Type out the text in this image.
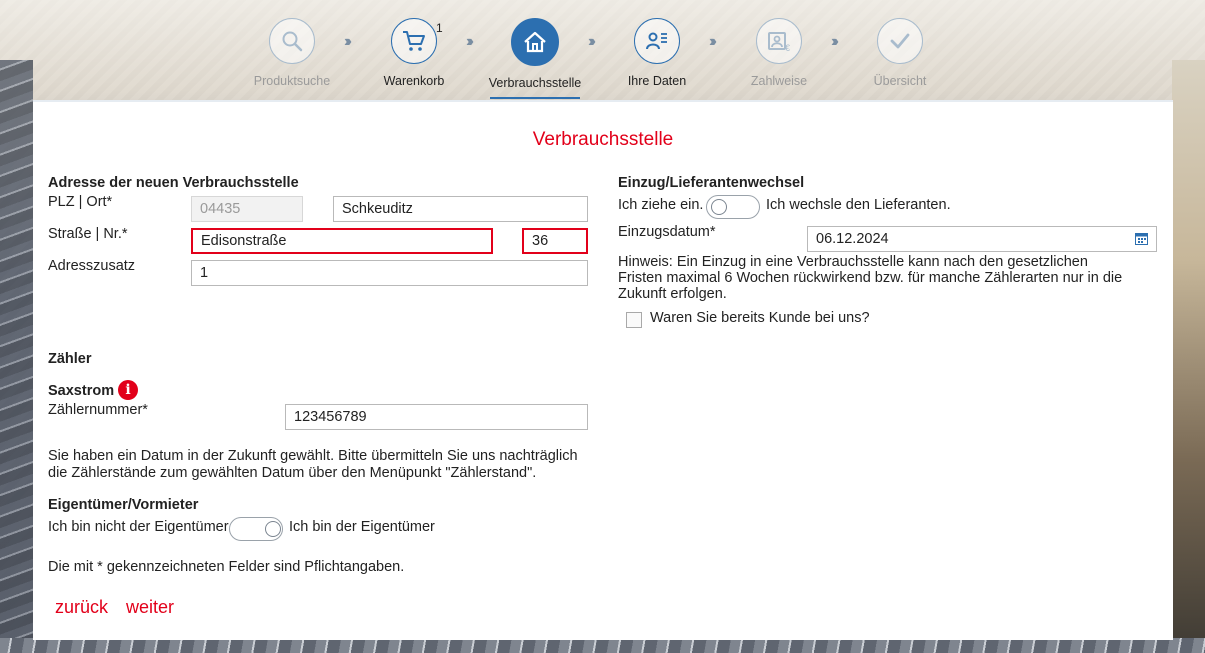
Produktsuche
›››
1
Warenkorb
›››
Verbrauchsstelle
›››
Ihre Daten
›››	€
Zahlweise
›››
Übersicht
Verbrauchsstelle
Adresse der neuen Verbrauchsstelle
PLZ | Ort*	04435	Schkeuditz
Straße | Nr.*	Edisonstraße	36
Adresszusatz	1
Zähler
Saxstrom i
Zählernummer*	123456789
Sie haben ein Datum in der Zukunft gewählt. Bitte übermitteln Sie uns nachträglich die Zählerstände zum gewählten Datum über den Menüpunkt "Zählerstand".
Eigentümer/Vormieter
Ich bin nicht der Eigentümer	Ich bin der Eigentümer
Die mit * gekennzeichneten Felder sind Pflichtangaben.
zurück weiter
Einzug/Lieferantenwechsel
Ich ziehe ein.	Ich wechsle den Lieferanten.
Einzugsdatum*	06.12.2024
Hinweis: Ein Einzug in eine Verbrauchsstelle kann nach den gesetzlichen Fristen maximal 6 Wochen rückwirkend bzw. für manche Zählerarten nur in die Zukunft erfolgen.
Waren Sie bereits Kunde bei uns?
